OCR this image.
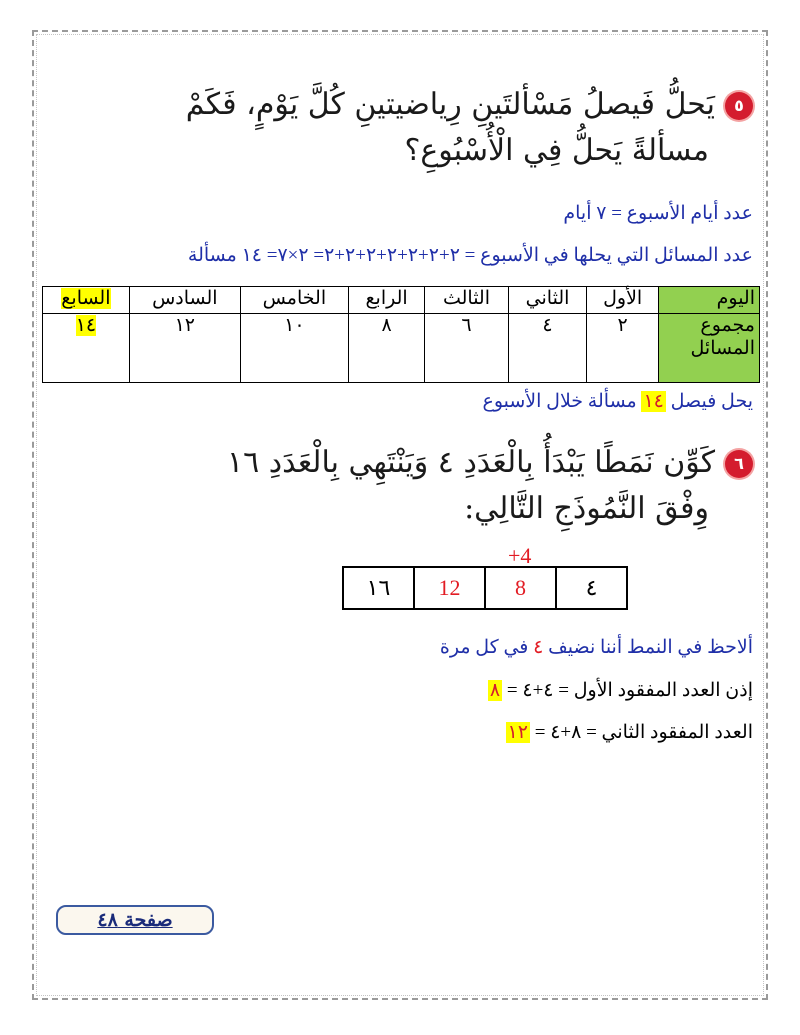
٥يَحلُّ فَيصلُ مَسْألتَينِ رِياضيتينِ كُلَّ يَوْمٍ، فَكَمْ
مسألةً يَحلُّ فِي الْأُسْبُوعِ؟
عدد أيام الأسبوع = ٧ أيام
عدد المسائل التي يحلها في الأسبوع = ٢+٢+٢+٢+٢+٢+٢= ٢×٧= ١٤ مسألة
اليوم	الأول	الثاني	الثالث	الرابع	الخامس	السادس	السابع
مجموع المسائل	٢	٤	٦	٨	١٠	١٢	١٤
يحل فيصل ١٤ مسألة خلال الأسبوع
٦كَوِّن نَمَطًا يَبْدَأُ بِالْعَدَدِ ٤ وَيَنْتَهِي بِالْعَدَدِ ١٦
وِفْقَ النَّمُوذَجِ التَّالِي:
+4
١٦	12	8	٤
ألاحظ في النمط أننا نضيف ٤ في كل مرة
إذن العدد المفقود الأول = ٤+٤ = ٨
العدد المفقود الثاني = ٨+٤ = ١٢
صفحة ٤٨
